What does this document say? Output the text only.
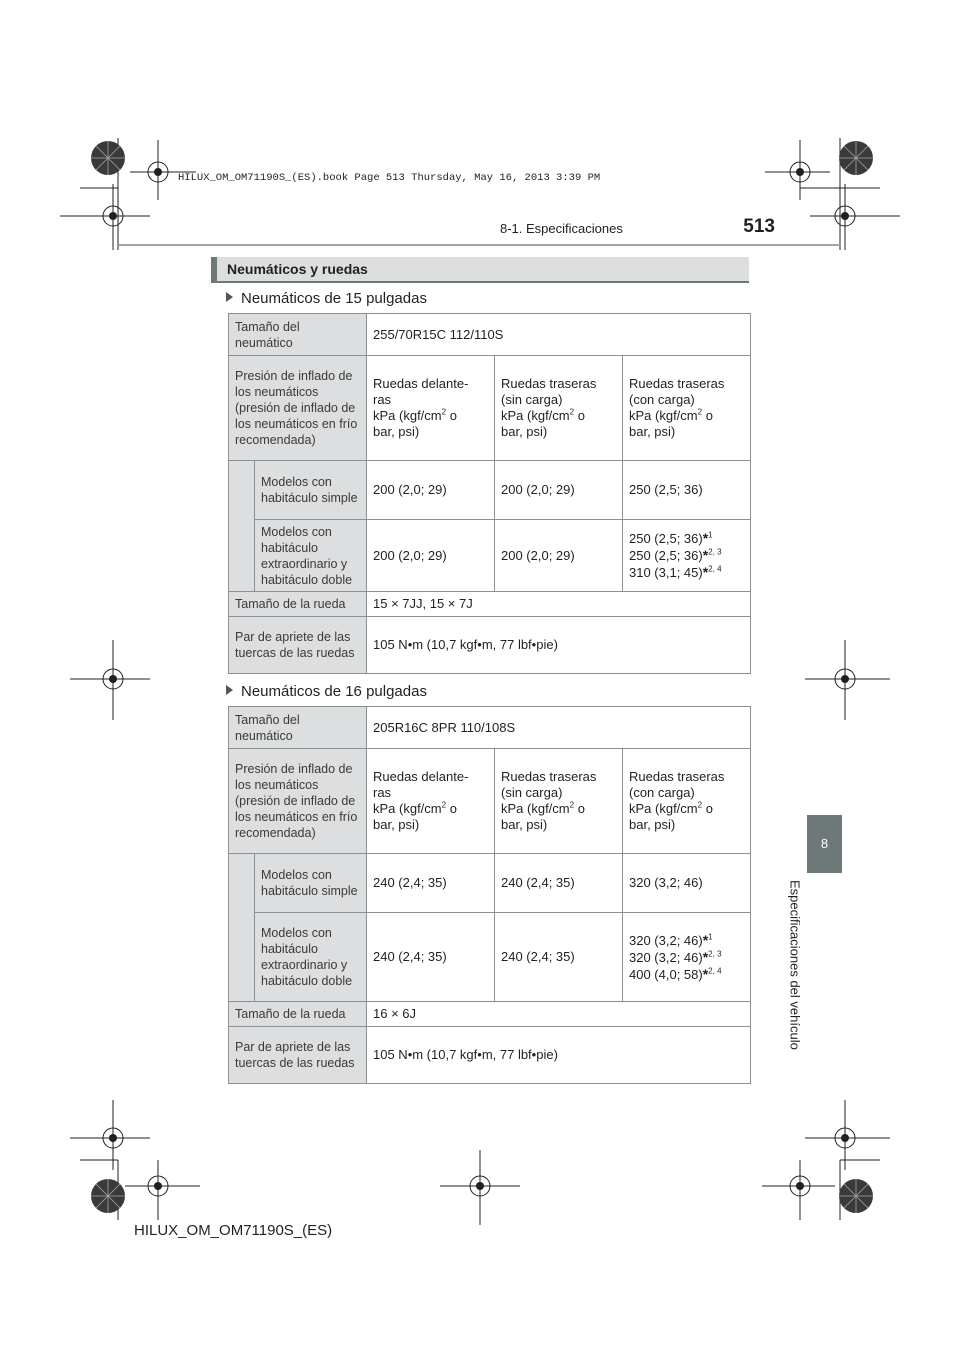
HILUX_OM_OM71190S_(ES).book Page 513 Thursday, May 16, 2013 3:39 PM
8-1. Especificaciones	513
8
Especificaciones del vehículo
Neumáticos y ruedas
Neumáticos de 15 pulgadas
Tamaño del neumático		255/70R15C 112/110S		
Presión de inflado de los neumáticos (presión de inflado de los neumáticos en frío recomendada)		Ruedas delante-
ras
kPa ($kgf/cm^2$ o
bar, psi)	Ruedas traseras
(sin carga)
kPa ($kgf/cm^2$ o
bar, psi)	Ruedas traseras
(con carga)
kPa ($kgf/cm^2$ o
bar, psi)
	Modelos con habitáculo simple	200 (2,0; 29)	200 (2,0; 29)	250 (2,5; 36)
	Modelos con habitáculo extraordinario y habitáculo doble	200 (2,0; 29)	200 (2,0; 29)	250 (2,5; 36)*$^1$
250 (2,5; 36)*$^{2, 3}$
310 (3,1; 45)*$^{2, 4}$
Tamaño de la rueda		15 × 7JJ, 15 × 7J		
Par de apriete de las tuercas de las ruedas		105 N•m (10,7 kgf•m, 77 lbf•pie)		
Neumáticos de 16 pulgadas
Tamaño del neumático		205R16C 8PR 110/108S		
Presión de inflado de los neumáticos (presión de inflado de los neumáticos en frío recomendada)		Ruedas delante-
ras
kPa ($kgf/cm^2$ o
bar, psi)	Ruedas traseras
(sin carga)
kPa ($kgf/cm^2$ o
bar, psi)	Ruedas traseras
(con carga)
kPa ($kgf/cm^2$ o
bar, psi)
	Modelos con habitáculo simple	240 (2,4; 35)	240 (2,4; 35)	320 (3,2; 46)
	Modelos con habitáculo extraordinario y habitáculo doble	240 (2,4; 35)	240 (2,4; 35)	320 (3,2; 46)*$^1$
320 (3,2; 46)*$^{2, 3}$
400 (4,0; 58)*$^{2, 4}$
Tamaño de la rueda		16 × 6J		
Par de apriete de las tuercas de las ruedas		105 N•m (10,7 kgf•m, 77 lbf•pie)		
HILUX_OM_OM71190S_(ES)
